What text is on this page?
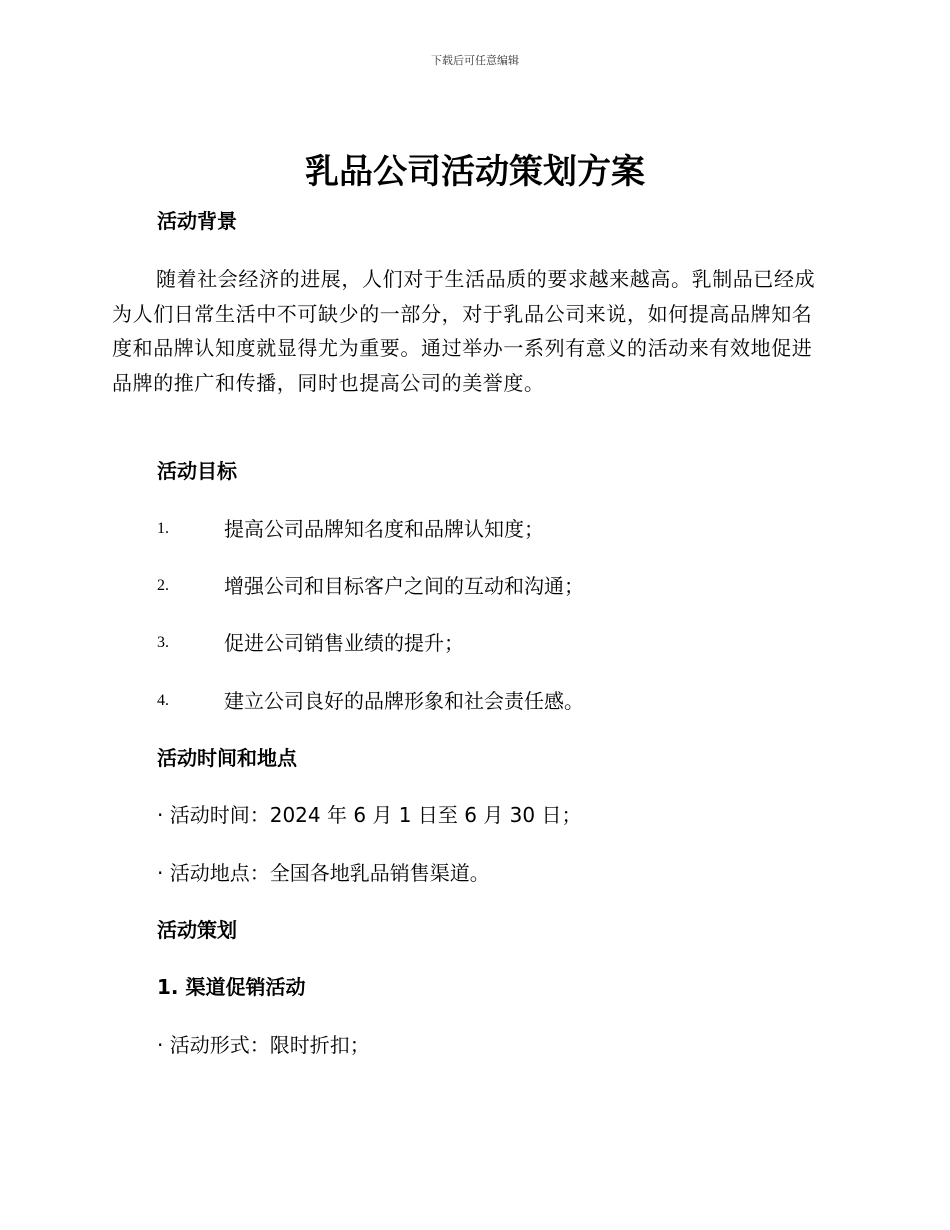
下载后可任意编辑
乳品公司活动策划方案
活动背景

随着社会经济的进展，人们对于生活品质的要求越来越高。乳制品已经成为人们日常生活中不可缺少的一部分，对于乳品公司来说，如何提高品牌知名度和品牌认知度就显得尤为重要。通过举办一系列有意义的活动来有效地促进品牌的推广和传播，同时也提高公司的美誉度。

活动目标
1.	提高公司品牌知名度和品牌认知度；
2.	增强公司和目标客户之间的互动和沟通；
3.	促进公司销售业绩的提升；
4.	建立公司良好的品牌形象和社会责任感。
活动时间和地点
· 活动时间：2024 年 6 月 1 日至 6 月 30 日；
· 活动地点：全国各地乳品销售渠道。
活动策划
1. 渠道促销活动
· 活动形式：限时折扣；
